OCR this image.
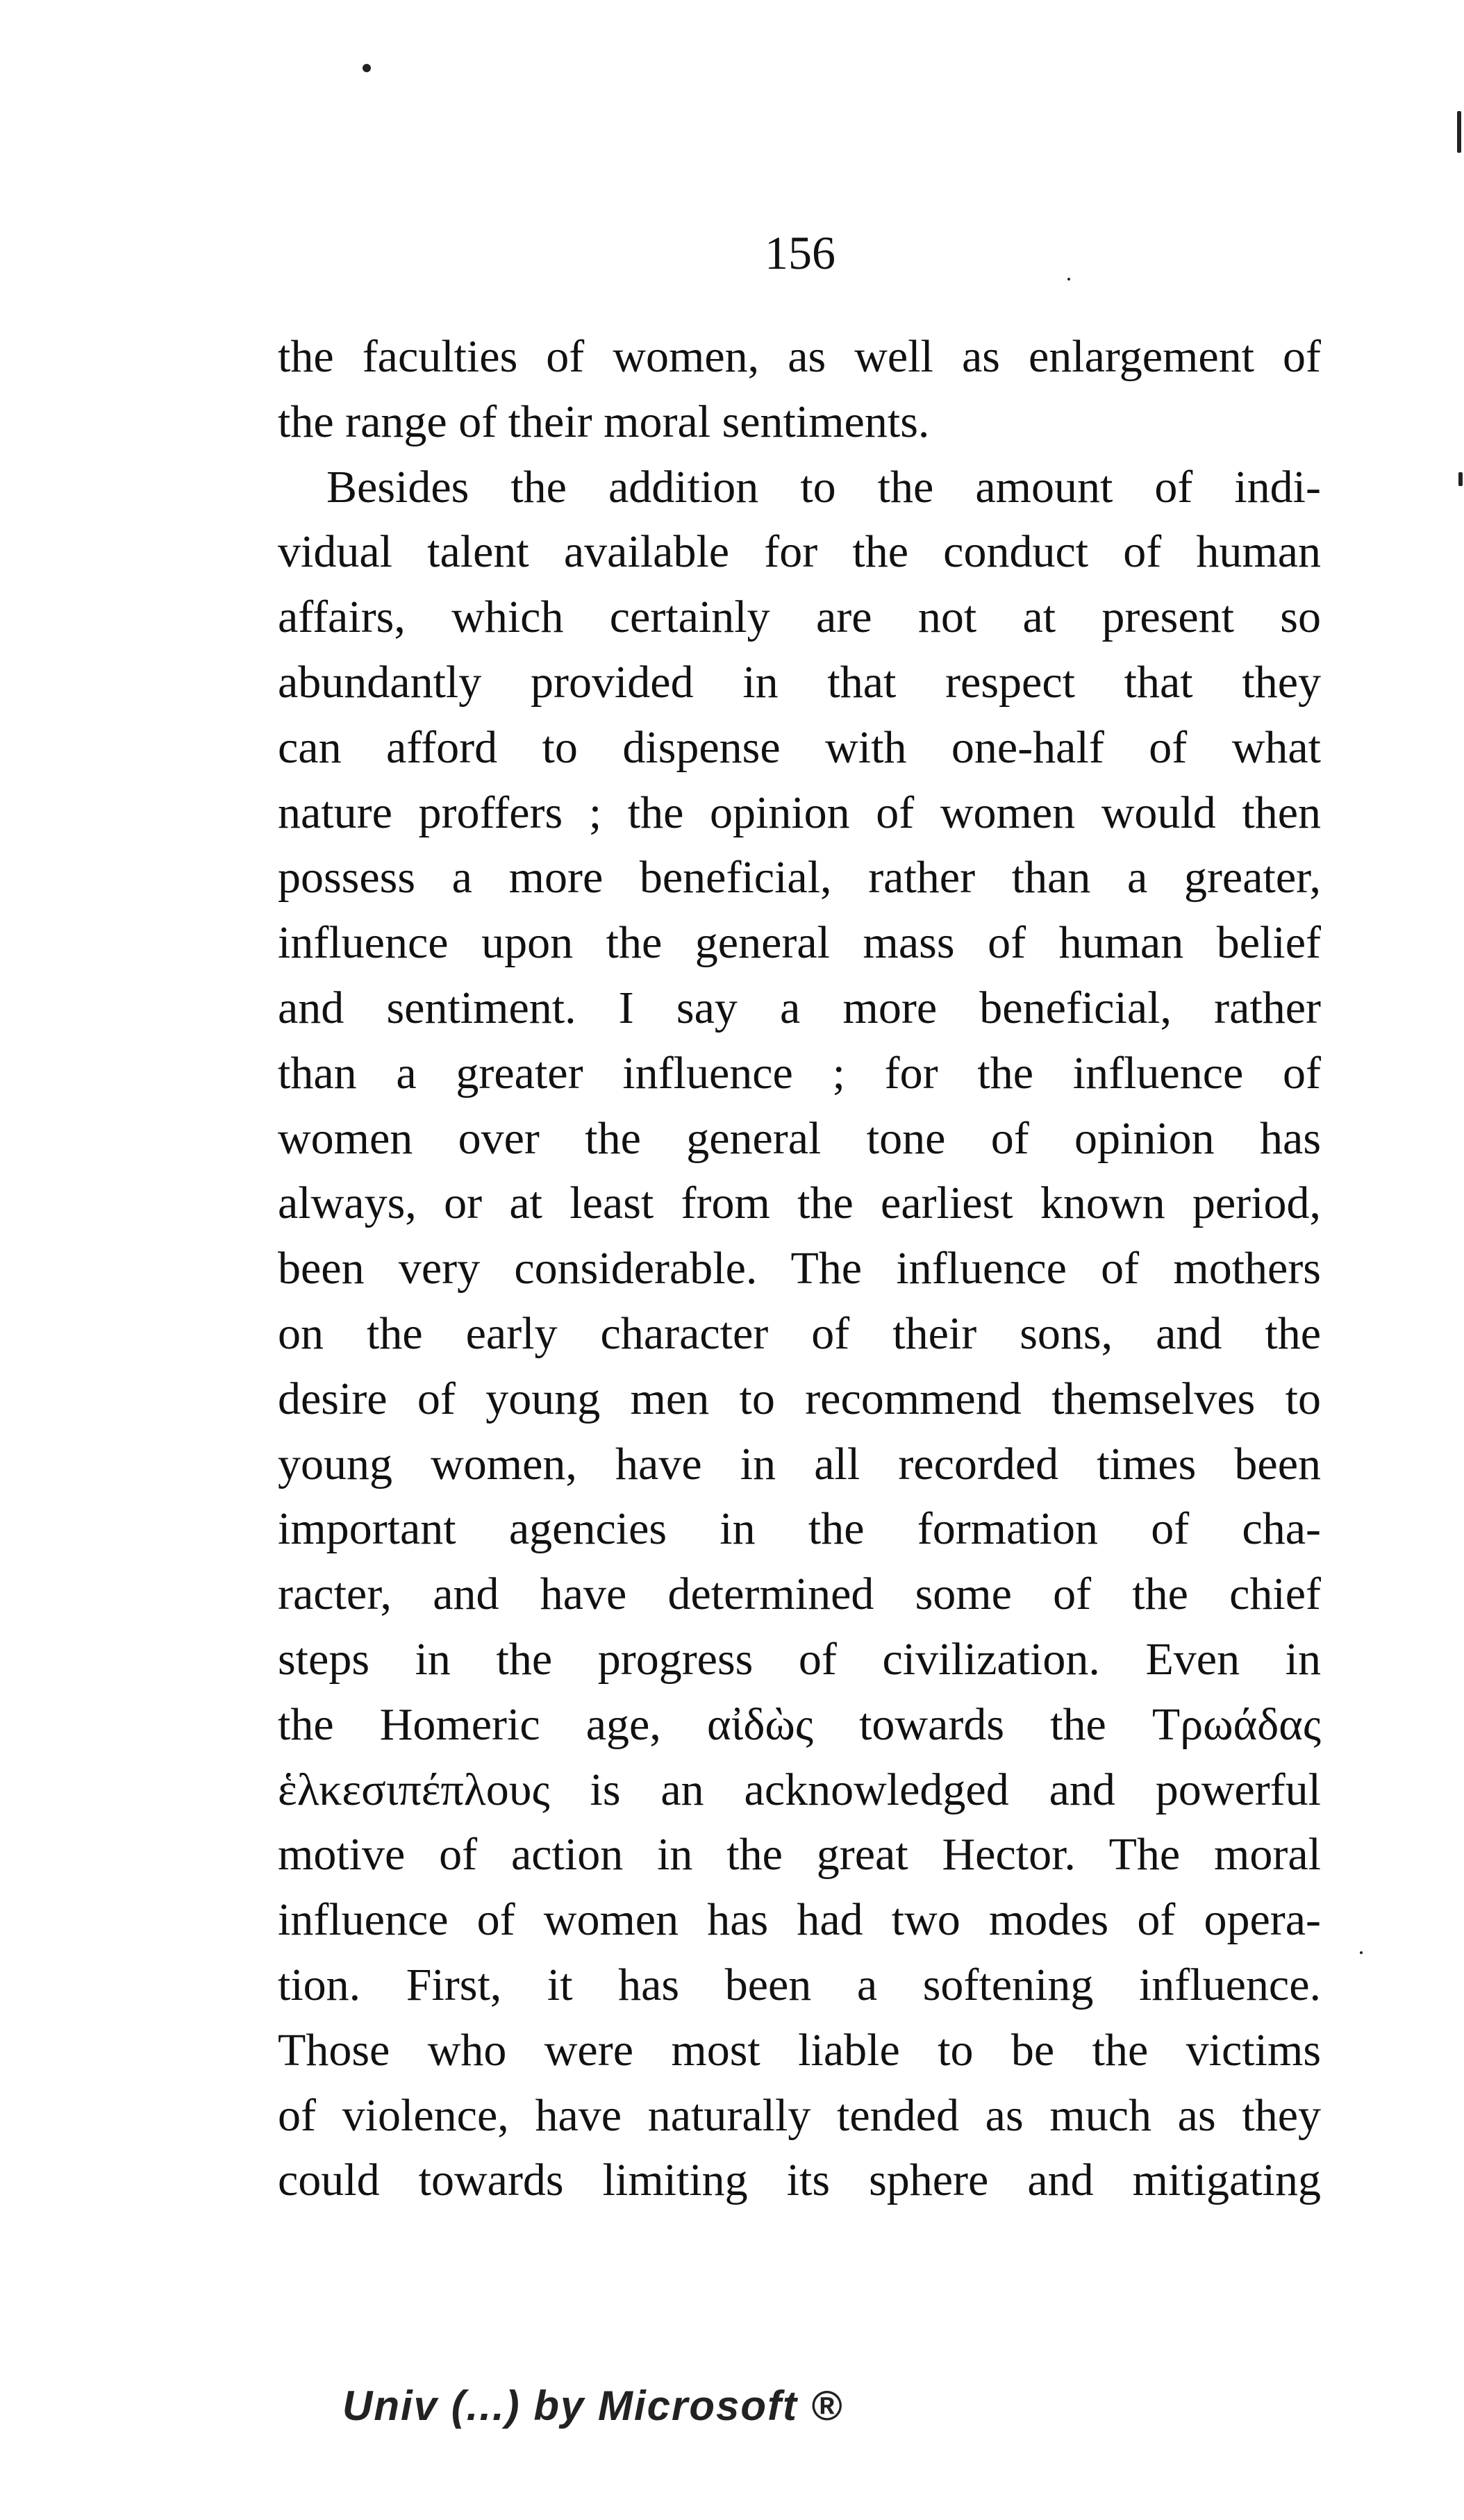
156
the faculties of women, as well as enlargement of
the range of their moral sentiments.
Besides the addition to the amount of indi-
vidual talent available for the conduct of human
affairs, which certainly are not at present so
abundantly provided in that respect that they
can afford to dispense with one-half of what
nature proffers ; the opinion of women would then
possess a more beneficial, rather than a greater,
influence upon the general mass of human belief
and sentiment. I say a more beneficial, rather
than a greater influence ; for the influence of
women over the general tone of opinion has
always, or at least from the earliest known period,
been very considerable. The influence of mothers
on the early character of their sons, and the
desire of young men to recommend themselves to
young women, have in all recorded times been
important agencies in the formation of cha-
racter, and have determined some of the chief
steps in the progress of civilization. Even in
the Homeric age, αἰδὼς towards the Τρωάδας
ἑλκεσιπέπλους is an acknowledged and powerful
motive of action in the great Hector. The moral
influence of women has had two modes of opera-
tion. First, it has been a softening influence.
Those who were most liable to be the victims
of violence, have naturally tended as much as they
could towards limiting its sphere and mitigating
Univ (...) by Microsoft ®
